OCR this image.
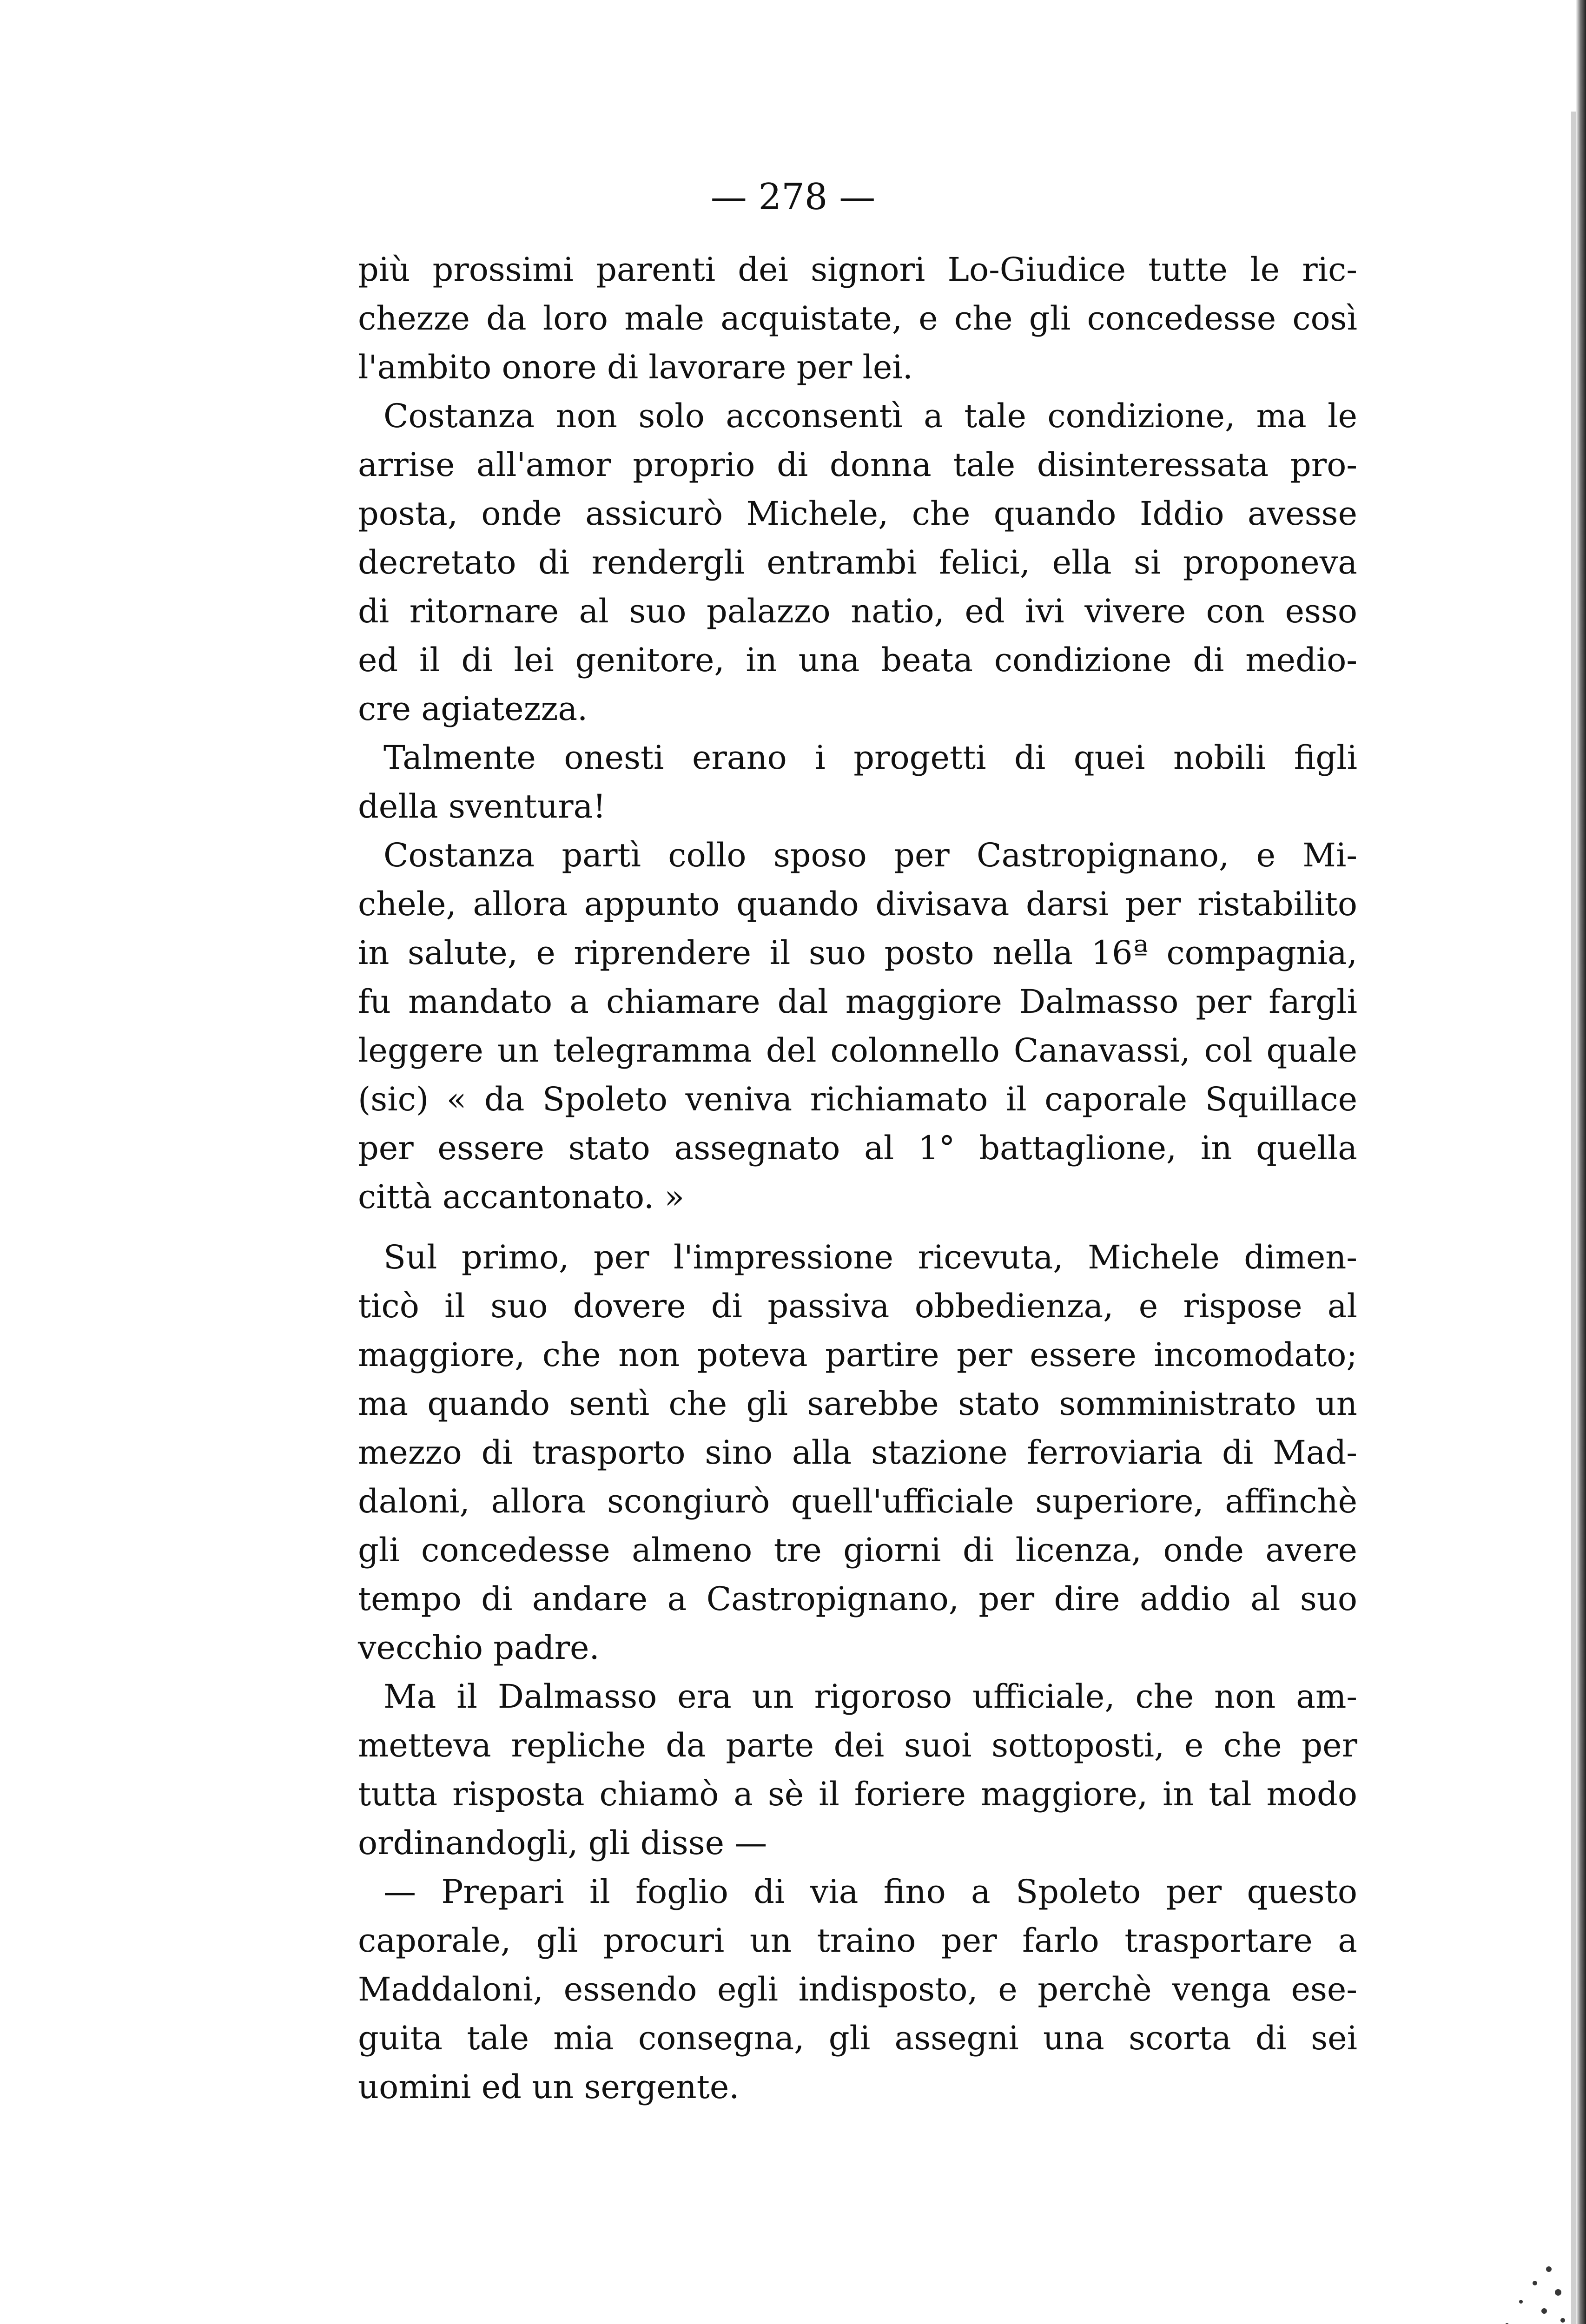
— 278 —

più prossimi parenti dei signori Lo-Giudice tutte le ric-

chezze da loro male acquistate, e che gli concedesse così

l'ambito onore di lavorare per lei.

Costanza non solo acconsentì a tale condizione, ma le

arrise all'amor proprio di donna tale disinteressata pro-

posta, onde assicurò Michele, che quando Iddio avesse

decretato di rendergli entrambi felici, ella si proponeva

di ritornare al suo palazzo natio, ed ivi vivere con esso

ed il di lei genitore, in una beata condizione di medio-

cre agiatezza.

Talmente onesti erano i progetti di quei nobili figli

della sventura!

Costanza partì collo sposo per Castropignano, e Mi-

chele, allora appunto quando divisava darsi per ristabilito

in salute, e riprendere il suo posto nella 16ª compagnia,

fu mandato a chiamare dal maggiore Dalmasso per fargli

leggere un telegramma del colonnello Canavassi, col quale

(sic) « da Spoleto veniva richiamato il caporale Squillace

per essere stato assegnato al 1° battaglione, in quella

città accantonato. »

Sul primo, per l'impressione ricevuta, Michele dimen-

ticò il suo dovere di passiva obbedienza, e rispose al

maggiore, che non poteva partire per essere incomodato;

ma quando sentì che gli sarebbe stato somministrato un

mezzo di trasporto sino alla stazione ferroviaria di Mad-

daloni, allora scongiurò quell'ufficiale superiore, affinchè

gli concedesse almeno tre giorni di licenza, onde avere

tempo di andare a Castropignano, per dire addio al suo

vecchio padre.

Ma il Dalmasso era un rigoroso ufficiale, che non am-

metteva repliche da parte dei suoi sottoposti, e che per

tutta risposta chiamò a sè il foriere maggiore, in tal modo

ordinandogli, gli disse —

— Prepari il foglio di via fino a Spoleto per questo

caporale, gli procuri un traino per farlo trasportare a

Maddaloni, essendo egli indisposto, e perchè venga ese-

guita tale mia consegna, gli assegni una scorta di sei

uomini ed un sergente.
